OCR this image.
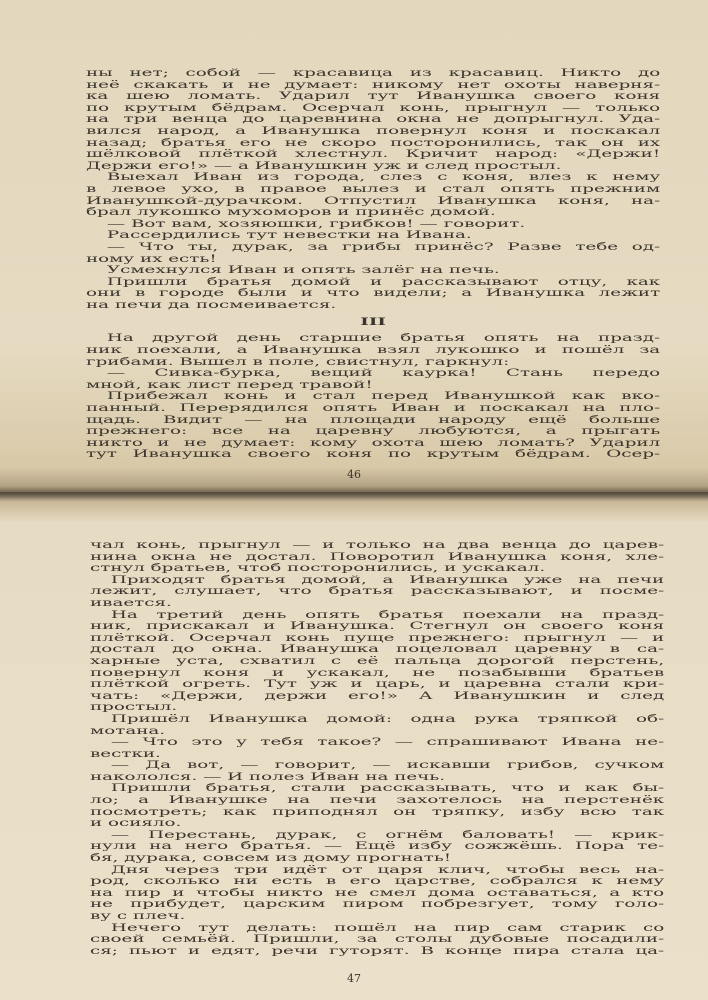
ны нет; собой — красавица из красавиц. Никто до
неё скакать и не думает: никому нет охоты наверня-
ка шею ломать. Ударил тут Иванушка своего коня
по крутым бёдрам. Осерчал конь, прыгнул — только
на три венца до царевнина окна не допрыгнул. Удa-
вился народ, а Иванушка повернул коня и поскакал
назад; братья его не скоро посторонились, так он их
шёлковой плёткой хлестнул. Кричит народ: «Держи!
Держи его!» — а Иванушкин уж и след простыл.
Выехал Иван из города, слез с коня, влез к нему
в левое ухо, в правое вылез и стал опять прежним
Иванушкой-дурачком. Отпустил Иванушка коня, на-
брал лукошко мухоморов и принёс домой.
— Вот вам, хозяюшки, грибков! — говорит.
Рассердились тут невестки на Ивана.
— Что ты, дурак, за грибы принёс? Разве тебе од-
ному их есть!
Усмехнулся Иван и опять залёг на печь.
Пришли братья домой и рассказывают отцу, как
они в городе были и что видели; а Иванушка лежит
на печи да посмеивается.
III
На другой день старшие братья опять на празд-
ник поехали, а Иванушка взял лукошко и пошёл за
грибами. Вышел в поле, свистнул, гаркнул:
— Сивка-бурка, вещий каурка! Стань передо
мной, как лист перед травой!
Прибежал конь и стал перед Иванушкой как вко-
панный. Перерядился опять Иван и поскакал на пло-
щадь. Видит — на площади народу ещё больше
прежнего: все на царевну любуются, а прыгать
никто и не думает: кому охота шею ломать? Ударил
тут Иванушка своего коня по крутым бёдрам. Осер-
46
чал конь, прыгнул — и только на два венца до царев-
нина окна не достал. Поворотил Иванушка коня, хле-
стнул братьев, чтоб посторонились, и ускакал.
Приходят братья домой, а Иванушка уже на печи
лежит, слушает, что братья рассказывают, и посме-
ивается.
На третий день опять братья поехали на празд-
ник, прискакал и Иванушка. Стегнул он своего коня
плёткой. Осерчал конь пуще прежнего: прыгнул — и
достал до окна. Иванушка поцеловал царевну в са-
харные уста, схватил с её пальца дорогой перстень,
повернул коня и ускакал, не позабывши братьев
плёткой огреть. Тут уж и царь, и царевна стали кри-
чать: «Держи, держи его!» А Иванушкин и след
простыл.
Пришёл Иванушка домой: одна рука тряпкой об-
мотана.
— Что это у тебя такое? — спрашивают Ивана не-
вестки.
— Да вот, — говорит, — искавши грибов, сучком
накололся. — И полез Иван на печь.
Пришли братья, стали рассказывать, что и как бы-
ло; а Иванушке на печи захотелось на перстенёк
посмотреть; как приподнял он тряпку, избу всю так
и осияло.
— Перестань, дурак, с огнём баловать! — крик-
нули на него братья. — Ещё избу сожжёшь. Пора те-
бя, дурака, совсем из дому прогнать!
Дня через три идёт от царя клич, чтобы весь на-
род, сколько ни есть в его царстве, собрался к нему
на пир и чтобы никто не смел дома оставаться, а кто
не прибудет, царским пиром побрезгует, тому голо-
ву с плеч.
Нечего тут делать: пошёл на пир сам старик со
своей семьёй. Пришли, за столы дубовые посадили-
ся; пьют и едят, речи гуторят. В конце пира стала ца-
47
